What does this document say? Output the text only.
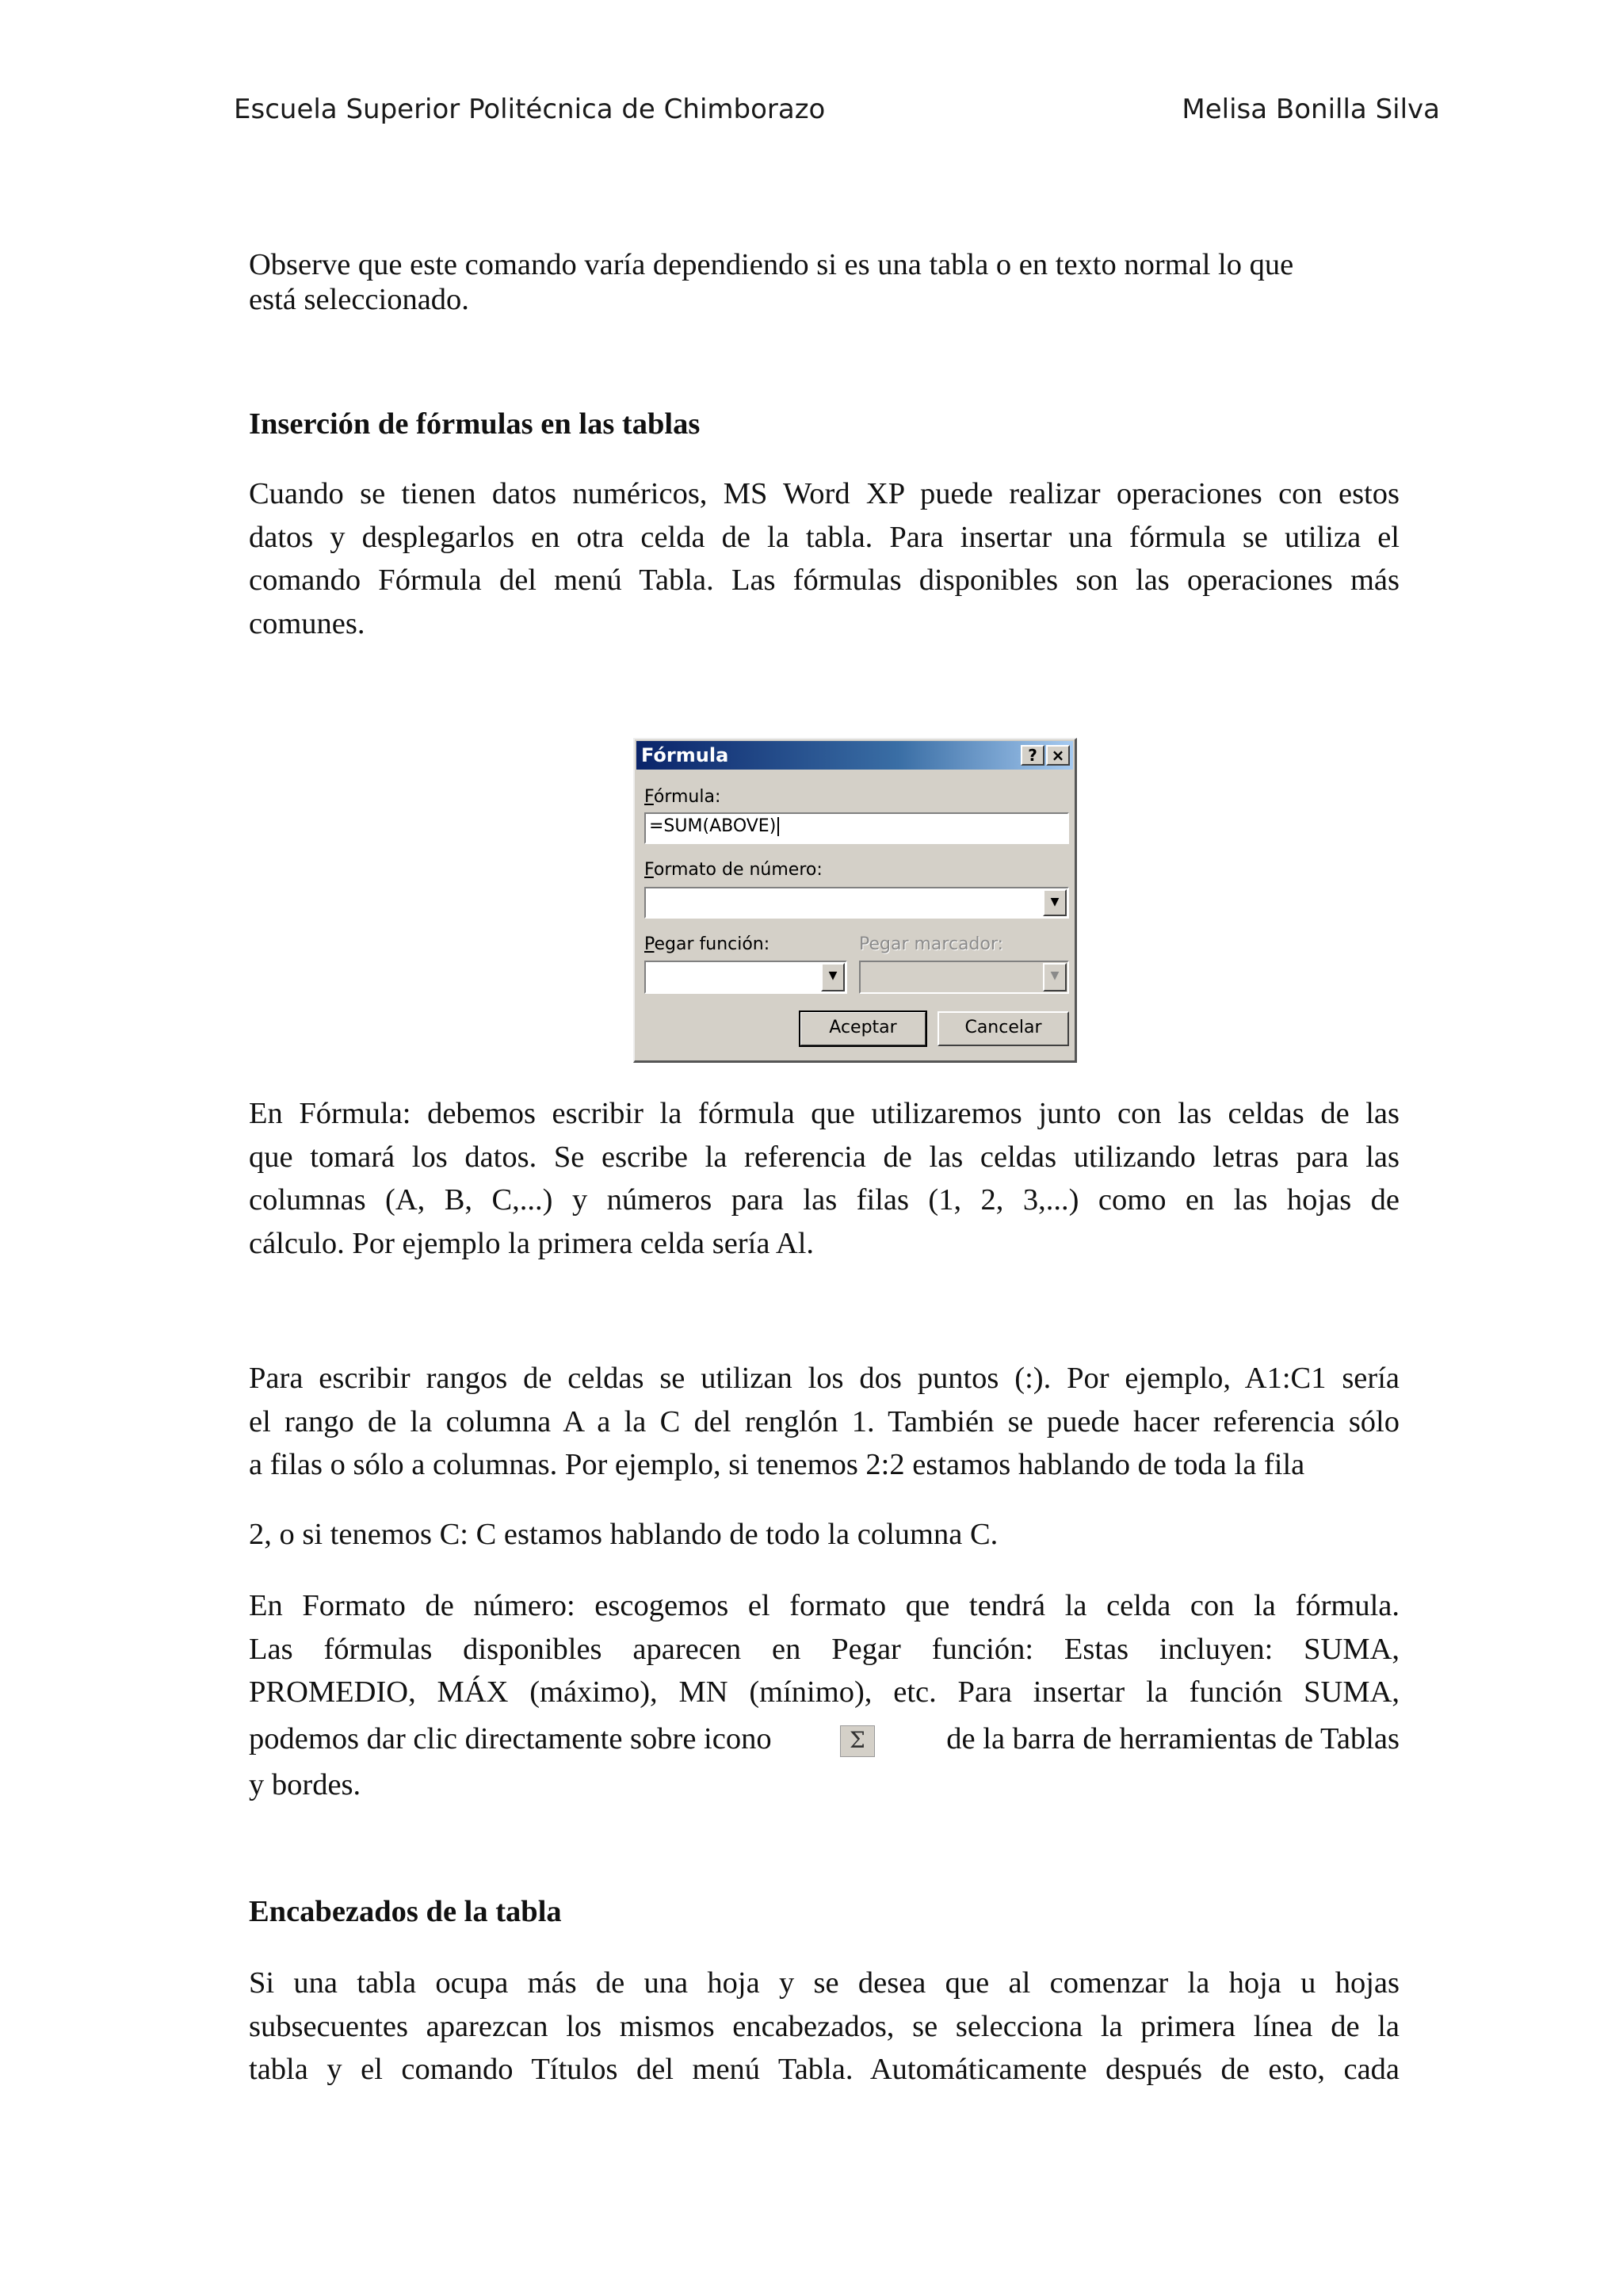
Escuela Superior Politécnica de Chimborazo	Melisa Bonilla Silva
Observe que este comando varía dependiendo si es una tabla o en texto normal lo que
está seleccionado.
Inserción de fórmulas en las tablas
Cuando se tienen datos numéricos, MS Word XP puede realizar operaciones con estos
datos y desplegarlos en otra celda de la tabla. Para insertar una fórmula se utiliza el
comando Fórmula del menú Tabla. Las fórmulas disponibles son las operaciones más
comunes.
Fórmula	? ×
Fórmula:
=SUM(ABOVE)
Formato de número:
▼
Pegar función:
▼
Pegar marcador:
▼
Aceptar	Cancelar
En Fórmula: debemos escribir la fórmula que utilizaremos junto con las celdas de las
que tomará los datos. Se escribe la referencia de las celdas utilizando letras para las
columnas (A, B, C,...) y números para las filas (1, 2, 3,...) como en las hojas de
cálculo. Por ejemplo la primera celda sería Al.
Para escribir rangos de celdas se utilizan los dos puntos (:). Por ejemplo, A1:C1 sería
el rango de la columna A a la C del renglón 1. También se puede hacer referencia sólo
a filas o sólo a columnas. Por ejemplo, si tenemos 2:2 estamos hablando de toda la fila
2, o si tenemos C: C estamos hablando de todo la columna C.
En Formato de número: escogemos el formato que tendrá la celda con la fórmula.
Las fórmulas disponibles aparecen en Pegar función: Estas incluyen: SUMA,
PROMEDIO, MÁX (máximo), MN (mínimo), etc. Para insertar la función SUMA,
podemos dar clic directamente sobre icono	Σ	de la barra de herramientas de Tablas
y bordes.
Encabezados de la tabla
Si una tabla ocupa más de una hoja y se desea que al comenzar la hoja u hojas
subsecuentes aparezcan los mismos encabezados, se selecciona la primera línea de la
tabla y el comando Títulos del menú Tabla. Automáticamente después de esto, cada
